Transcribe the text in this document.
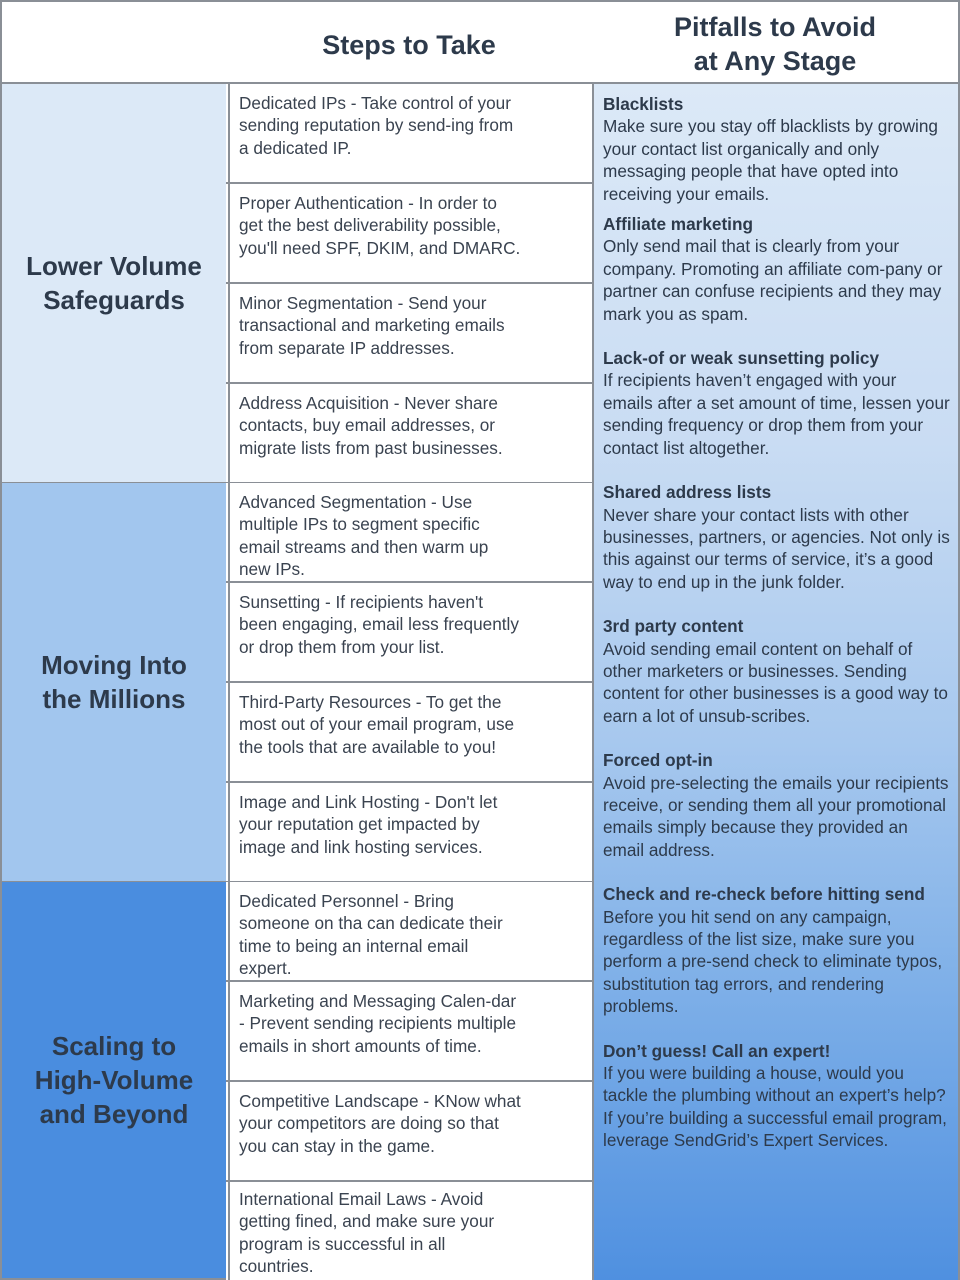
Steps to Take
Pitfalls to Avoid
at Any Stage
Lower Volume
Safeguards
Moving Into
the Millions
Scaling to
High-Volume
and Beyond
Dedicated IPs - Take control of your sending reputation by send-ing from a dedicated IP.
Proper Authentication - In order to get the best deliverability possible, you'll need SPF, DKIM, and DMARC.
Minor Segmentation - Send your transactional and marketing emails from separate IP addresses.
Address Acquisition - Never share contacts, buy email addresses, or migrate lists from past businesses.
Advanced Segmentation - Use multiple IPs to segment specific email streams and then warm up new IPs.
Sunsetting - If recipients haven't been engaging, email less frequently or drop them from your list.
Third-Party Resources - To get the most out of your email program, use the tools that are available to you!
Image and Link Hosting - Don't let your reputation get impacted by image and link hosting services.
Dedicated Personnel - Bring someone on tha can dedicate their time to being an internal email expert.
Marketing and Messaging Calen-dar - Prevent sending recipients multiple emails in short amounts of time.
Competitive Landscape - KNow what your competitors are doing so that you can stay in the game.
International Email Laws - Avoid getting fined, and make sure your program is successful in all countries.
Blacklists
Make sure you stay off blacklists by growing your contact list organically and only messaging people that have opted into receiving your emails.
Affiliate marketing
Only send mail that is clearly from your company. Promoting an affiliate com-pany or partner can confuse recipients and they may mark you as spam.
Lack-of or weak sunsetting policy
If recipients haven’t engaged with your emails after a set amount of time, lessen your sending frequency or drop them from your contact list altogether.
Shared address lists
Never share your contact lists with other businesses, partners, or agencies. Not only is this against our terms of service, it’s a good way to end up in the junk folder.
3rd party content
Avoid sending email content on behalf of other marketers or businesses. Sending content for other businesses is a good way to earn a lot of unsub-scribes.
Forced opt-in
Avoid pre-selecting the emails your recipients receive, or sending them all your promotional emails simply because they provided an email address.
Check and re-check before hitting send
Before you hit send on any campaign, regardless of the list size, make sure you perform a pre-send check to eliminate typos, substitution tag errors, and rendering problems.
Don’t guess! Call an expert!
If you were building a house, would you tackle the plumbing without an expert’s help? If you’re building a successful email program, leverage SendGrid’s Expert Services.
